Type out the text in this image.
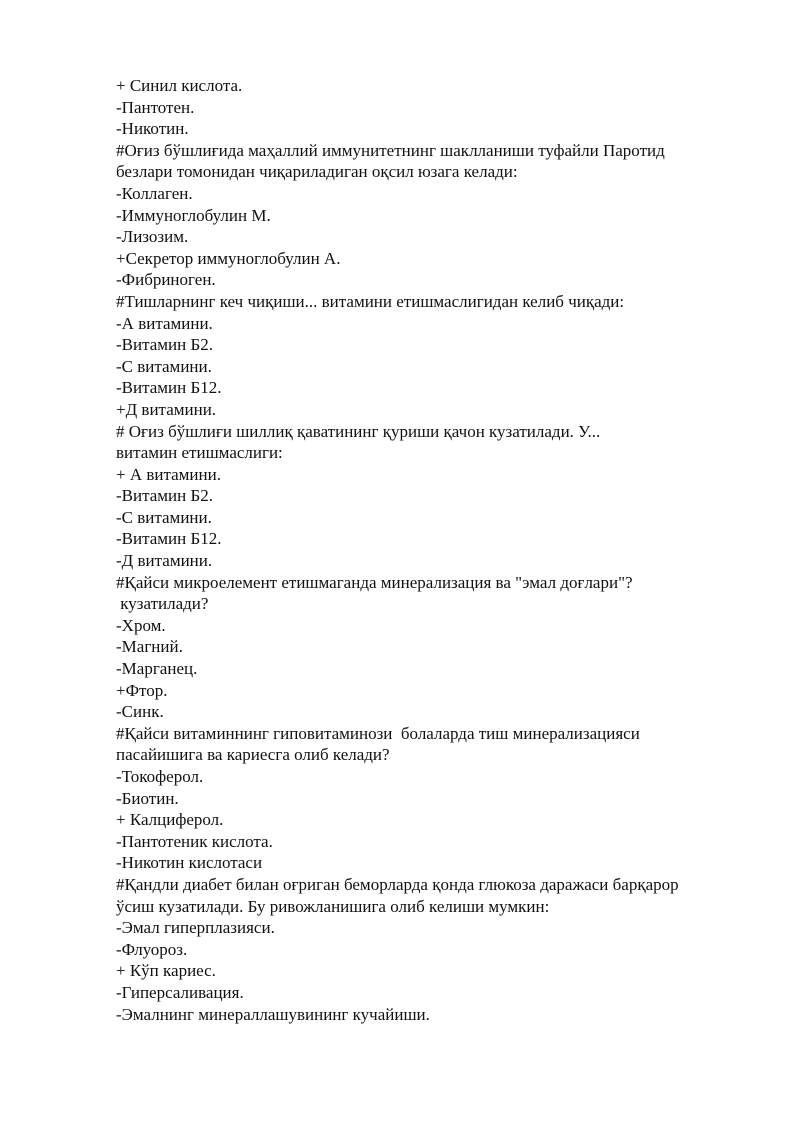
+ Синил кислота.

-Пантотен.

-Никотин.

#Оғиз бўшлиғида маҳаллий иммунитетнинг шаклланиши туфайли Паротид

безлари томонидан чиқариладиган оқсил юзага келади:

-Коллаген.

-Иммуноглобулин М.

-Лизозим.

+Секретор иммуноглобулин А.

-Фибриноген.

#Тишларнинг кеч чиқиши... витамини етишмаслигидан келиб чиқади:

-А витамини.

-Витамин Б2.

-С витамини.

-Витамин Б12.

+Д витамини.

# Оғиз бўшлиғи шиллиқ қаватининг қуриши қачон кузатилади. У...

витамин етишмаслиги:

+ А витамини.

-Витамин Б2.

-С витамини.

-Витамин Б12.

-Д витамини.

#Қайси микроелемент етишмаганда минерализация ва "эмал доғлари"?

кузатилади?

-Хром.

-Магний.

-Марганец.

+Фтор.

-Синк.

#Қайси витаминнинг гиповитаминози  болаларда тиш минерализацияси

пасайишига ва кариесга олиб келади?

-Токоферол.

-Биотин.

+ Калциферол.

-Пантотеник кислота.

-Никотин кислотаси

#Қандли диабет билан оғриган беморларда қонда глюкоза даражаси барқарор

ўсиш кузатилади. Бу ривожланишига олиб келиши мумкин:

-Эмал гиперплазияси.

-Флуороз.

+ Кўп кариес.

-Гиперсаливация.

-Эмалнинг минераллашувининг кучайиши.
